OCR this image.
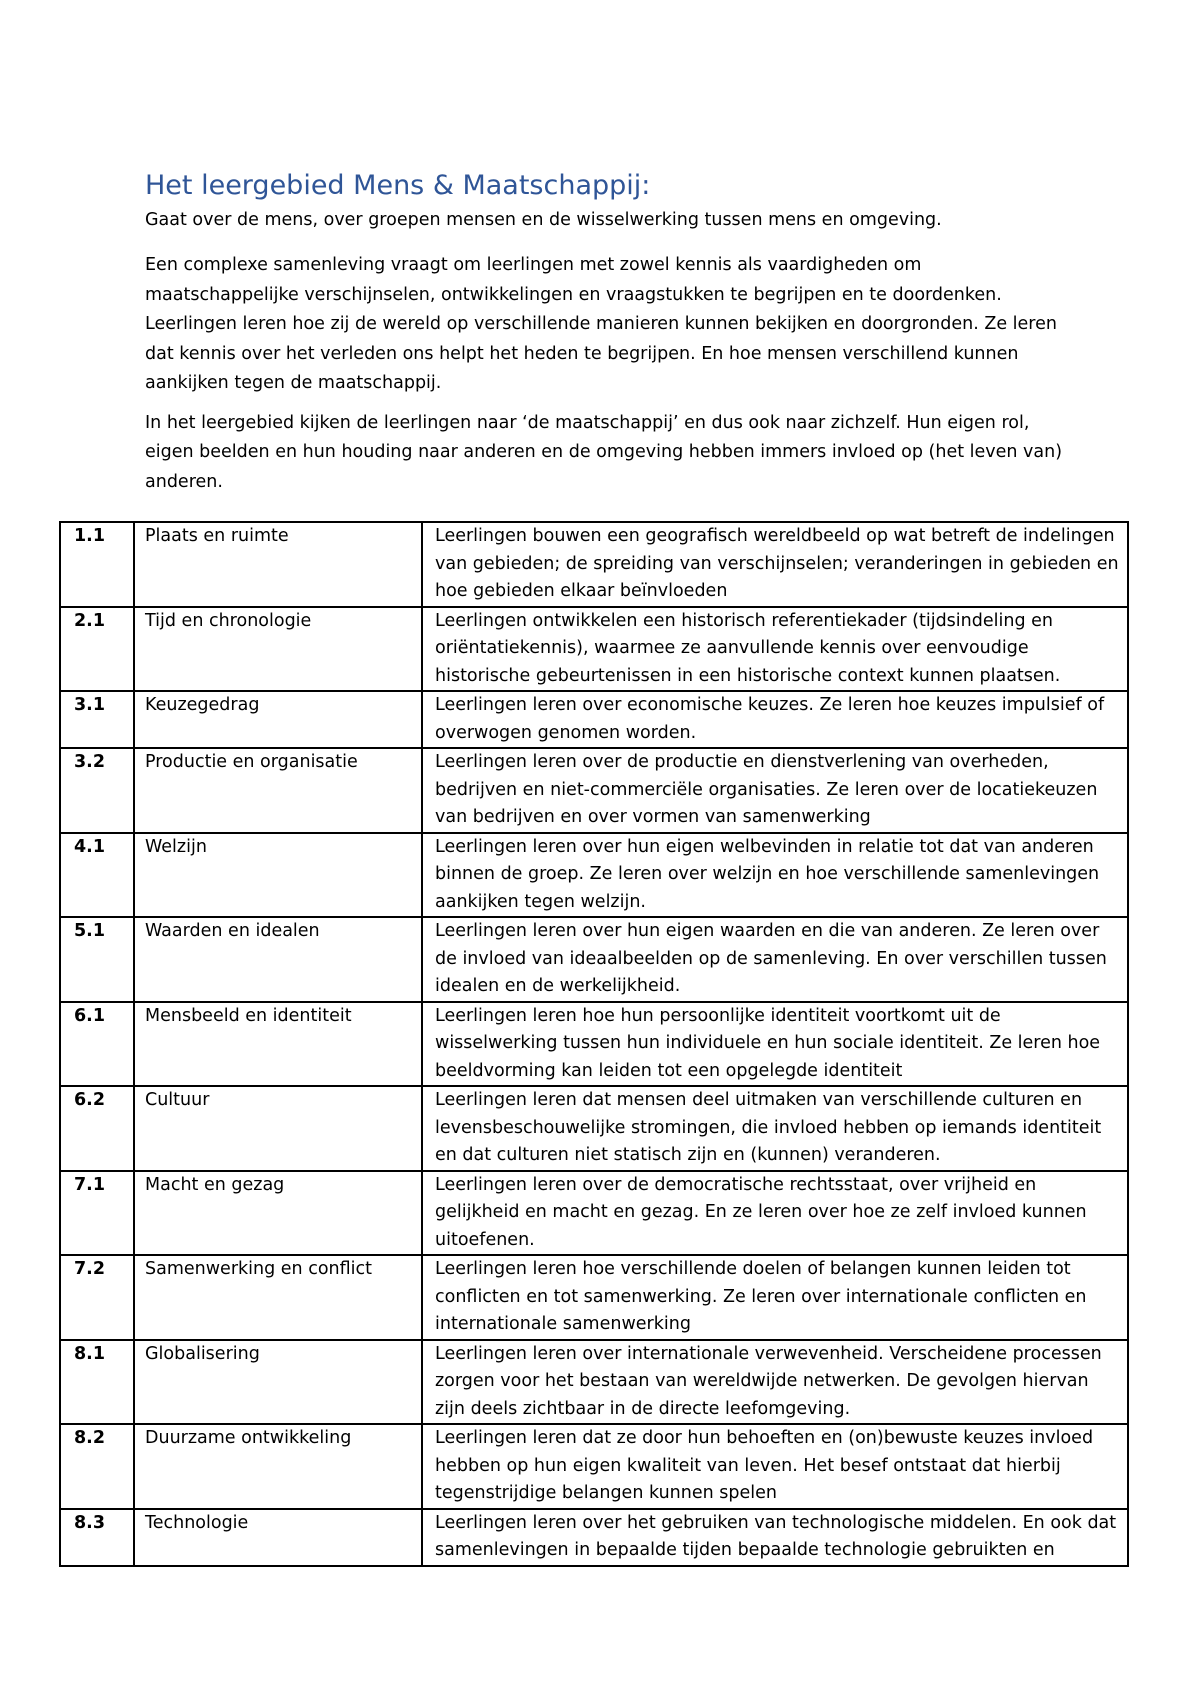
Het leergebied Mens & Maatschappij:

Gaat over de mens, over groepen mensen en de wisselwerking tussen mens en omgeving.

Een complexe samenleving vraagt om leerlingen met zowel kennis als vaardigheden om maatschappelijke verschijnselen, ontwikkelingen en vraagstukken te begrijpen en te doordenken. Leerlingen leren hoe zij de wereld op verschillende manieren kunnen bekijken en doorgronden. Ze leren dat kennis over het verleden ons helpt het heden te begrijpen. En hoe mensen verschillend kunnen aankijken tegen de maatschappij.

In het leergebied kijken de leerlingen naar ‘de maatschappij’ en dus ook naar zichzelf. Hun eigen rol, eigen beelden en hun houding naar anderen en de omgeving hebben immers invloed op (het leven van) anderen.

1.1	Plaats en ruimte	Leerlingen bouwen een geografisch wereldbeeld op wat betreft de indelingen van gebieden; de spreiding van verschijnselen; veranderingen in gebieden en hoe gebieden elkaar beïnvloeden
2.1	Tijd en chronologie	Leerlingen ontwikkelen een historisch referentiekader (tijdsindeling en oriëntatiekennis), waarmee ze aanvullende kennis over eenvoudige historische gebeurtenissen in een historische context kunnen plaatsen.
3.1	Keuzegedrag	Leerlingen leren over economische keuzes. Ze leren hoe keuzes impulsief of overwogen genomen worden.
3.2	Productie en organisatie	Leerlingen leren over de productie en dienstverlening van overheden, bedrijven en niet-commerciële organisaties. Ze leren over de locatiekeuzen van bedrijven en over vormen van samenwerking
4.1	Welzijn	Leerlingen leren over hun eigen welbevinden in relatie tot dat van anderen binnen de groep. Ze leren over welzijn en hoe verschillende samenlevingen aankijken tegen welzijn.
5.1	Waarden en idealen	Leerlingen leren over hun eigen waarden en die van anderen. Ze leren over de invloed van ideaalbeelden op de samenleving. En over verschillen tussen idealen en de werkelijkheid.
6.1	Mensbeeld en identiteit	Leerlingen leren hoe hun persoonlijke identiteit voortkomt uit de wisselwerking tussen hun individuele en hun sociale identiteit. Ze leren hoe beeldvorming kan leiden tot een opgelegde identiteit
6.2	Cultuur	Leerlingen leren dat mensen deel uitmaken van verschillende culturen en levensbeschouwelijke stromingen, die invloed hebben op iemands identiteit en dat culturen niet statisch zijn en (kunnen) veranderen.
7.1	Macht en gezag	Leerlingen leren over de democratische rechtsstaat, over vrijheid en gelijkheid en macht en gezag. En ze leren over hoe ze zelf invloed kunnen uitoefenen.
7.2	Samenwerking en conflict	Leerlingen leren hoe verschillende doelen of belangen kunnen leiden tot conflicten en tot samenwerking. Ze leren over internationale conflicten en internationale samenwerking
8.1	Globalisering	Leerlingen leren over internationale verwevenheid. Verscheidene processen zorgen voor het bestaan van wereldwijde netwerken. De gevolgen hiervan zijn deels zichtbaar in de directe leefomgeving.
8.2	Duurzame ontwikkeling	Leerlingen leren dat ze door hun behoeften en (on)bewuste keuzes invloed hebben op hun eigen kwaliteit van leven. Het besef ontstaat dat hierbij tegenstrijdige belangen kunnen spelen
8.3	Technologie	Leerlingen leren over het gebruiken van technologische middelen. En ook dat samenlevingen in bepaalde tijden bepaalde technologie gebruikten en
